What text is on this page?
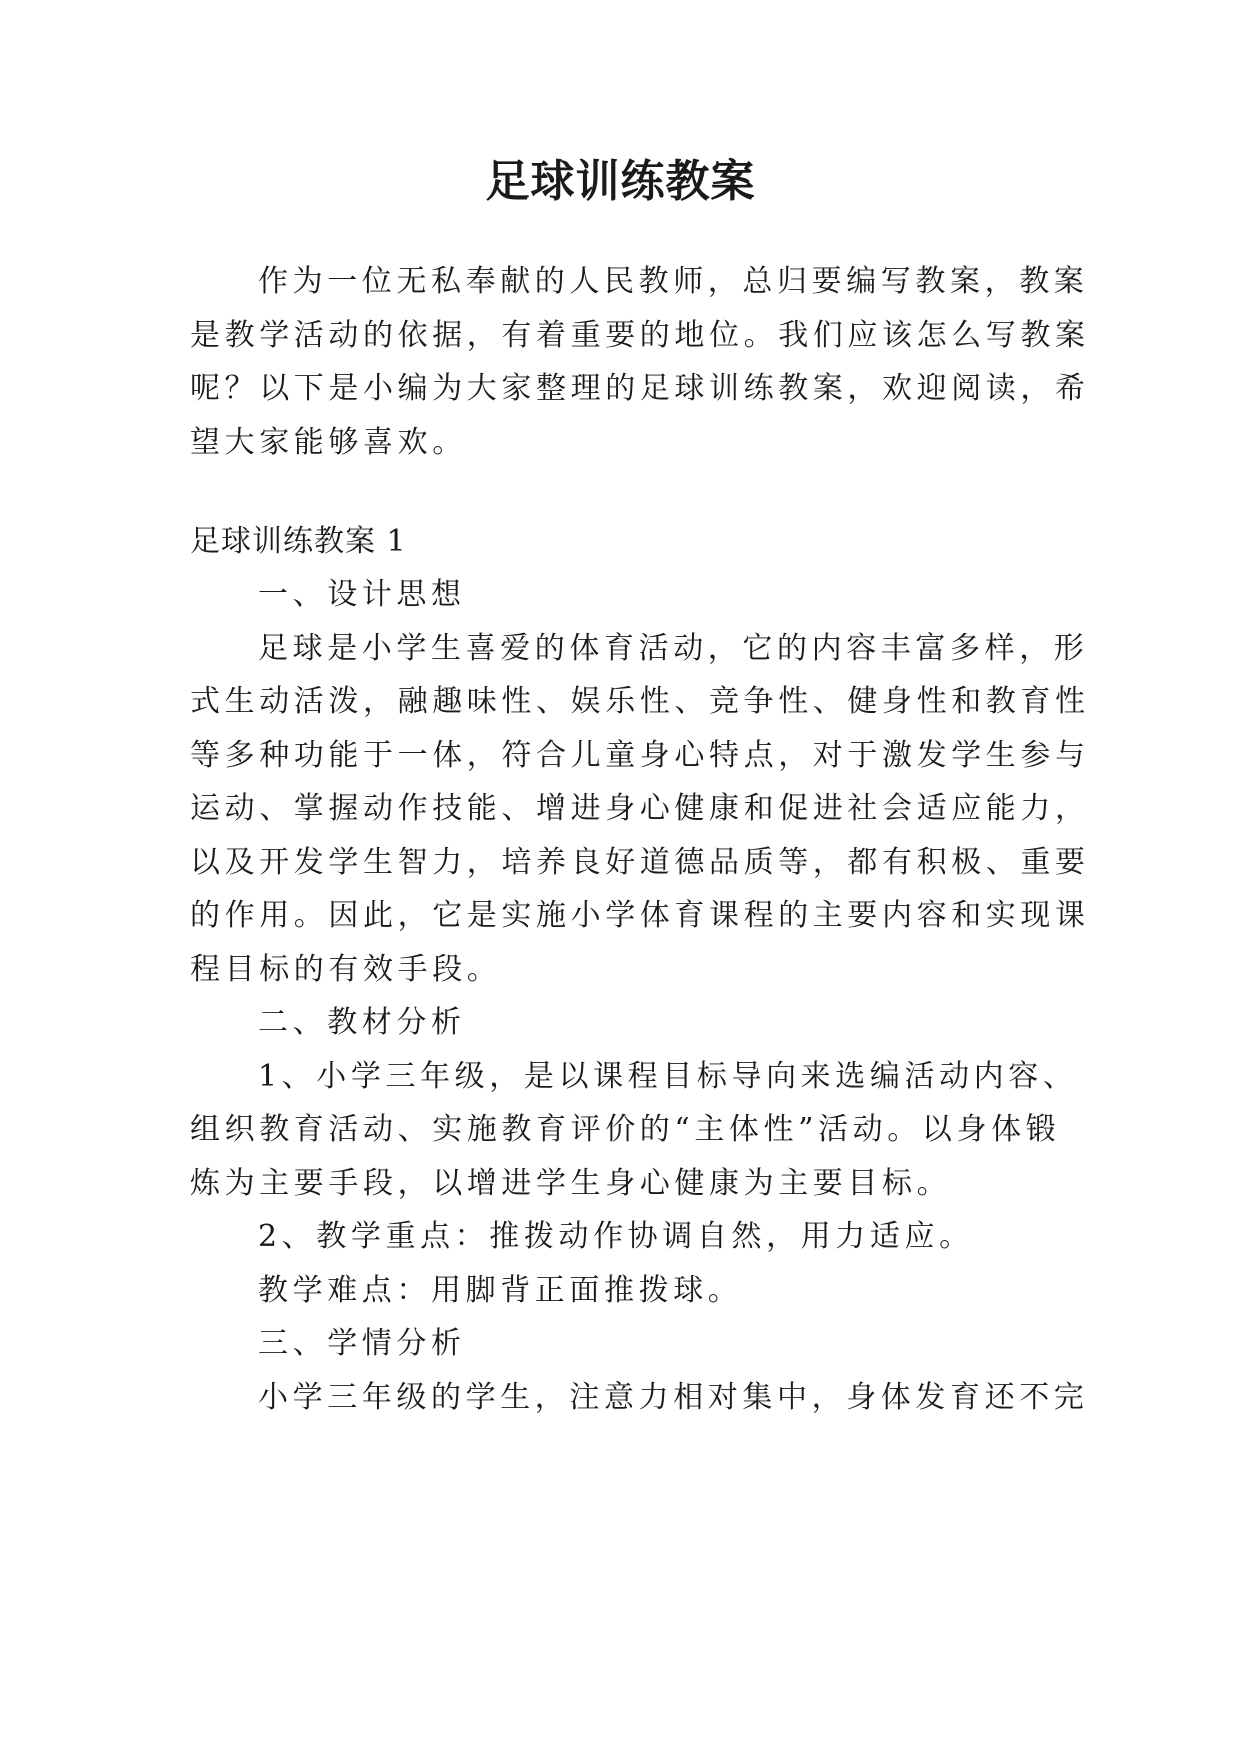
足球训练教案
作为一位无私奉献的人民教师，总归要编写教案，教案
是教学活动的依据，有着重要的地位。我们应该怎么写教案
呢？以下是小编为大家整理的足球训练教案，欢迎阅读，希
望大家能够喜欢。
足球训练教案 1
一、设计思想
足球是小学生喜爱的体育活动，它的内容丰富多样，形
式生动活泼，融趣味性、娱乐性、竞争性、健身性和教育性
等多种功能于一体，符合儿童身心特点，对于激发学生参与
运动、掌握动作技能、增进身心健康和促进社会适应能力，
以及开发学生智力，培养良好道德品质等，都有积极、重要
的作用。因此，它是实施小学体育课程的主要内容和实现课
程目标的有效手段。
二、教材分析
1、小学三年级，是以课程目标导向来选编活动内容、
组织教育活动、实施教育评价的“主体性”活动。以身体锻
炼为主要手段，以增进学生身心健康为主要目标。
2、教学重点：推拨动作协调自然，用力适应。
教学难点：用脚背正面推拨球。
三、学情分析
小学三年级的学生，注意力相对集中，身体发育还不完
